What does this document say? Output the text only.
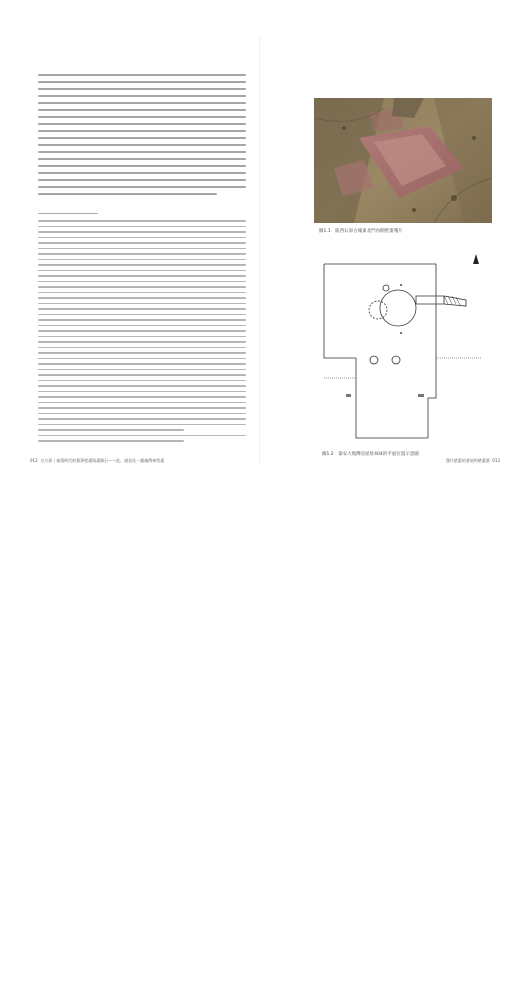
012 古月嘉丨東漢時代的墓葬壁畫與畫像石——此，通意化一靈魂傳神寫畫
圖1.1　陝西石峁古城東北門內側壁畫殘片
圖1.2　秦安大地灣房屋址404的平面位置示意圖
漢代壁畫的發展和壁畫墓 013
